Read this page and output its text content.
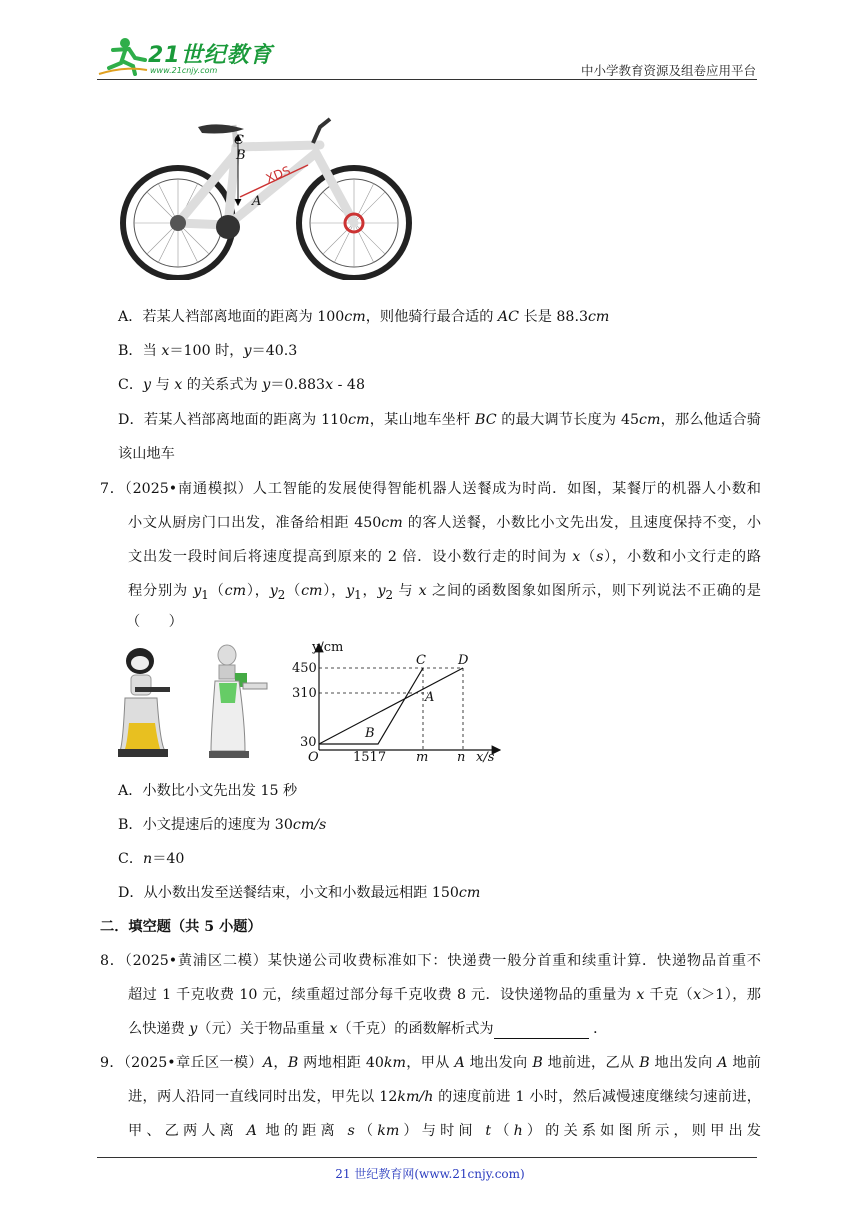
21世纪教育
www.21cnjy.com	中小学教育资源及组卷应用平台
XDS
C
B
A
A．若某人裆部离地面的距离为 100cm，则他骑行最合适的 AC 长是 88.3cm
B．当 x＝100 时，y＝40.3
C．y 与 x 的关系式为 y＝0.883x ‑ 48
D．若某人裆部离地面的距离为 110cm，某山地车坐杆 BC 的最大调节长度为 45cm，那么他适合骑
该山地车
7．（2025•南通模拟）人工智能的发展使得智能机器人送餐成为时尚．如图，某餐厅的机器人小数和
小文从厨房门口出发，准备给相距 450cm 的客人送餐，小数比小文先出发，且速度保持不变，小
文出发一段时间后将速度提高到原来的 2 倍．设小数行走的时间为 x（s），小数和小文行走的路
程分别为 $y_1(cm)$，$y_2(cm)$，$y_1$，$y_2$ 与 x 之间的函数图象如图所示，则下列说法不正确的是
（　　）
y/cm
450
310
30
O	1517 m n x/s
C D
A
B
A．小数比小文先出发 15 秒
B．小文提速后的速度为 30cm/s
C．n＝40
D．从小数出发至送餐结束，小文和小数最远相距 150cm
二．填空题（共 5 小题）
8．（2025•黄浦区二模）某快递公司收费标准如下：快递费一般分首重和续重计算．快递物品首重不
超过 1 千克收费 10 元，续重超过部分每千克收费 8 元．设快递物品的重量为 x 千克（x＞1），那
么快递费 y（元）关于物品重量 x（千克）的函数解析式为	．
9．（2025•章丘区一模）A，B 两地相距 40km，甲从 A 地出发向 B 地前进，乙从 B 地出发向 A 地前
进，两人沿同一直线同时出发，甲先以 12km/h 的速度前进 1 小时，然后减慢速度继续匀速前进，
甲、乙两人离 A 地的距离 s（km）与时间 t（h）的关系如图所示，则甲出发
21 世纪教育网(www.21cnjy.com)
